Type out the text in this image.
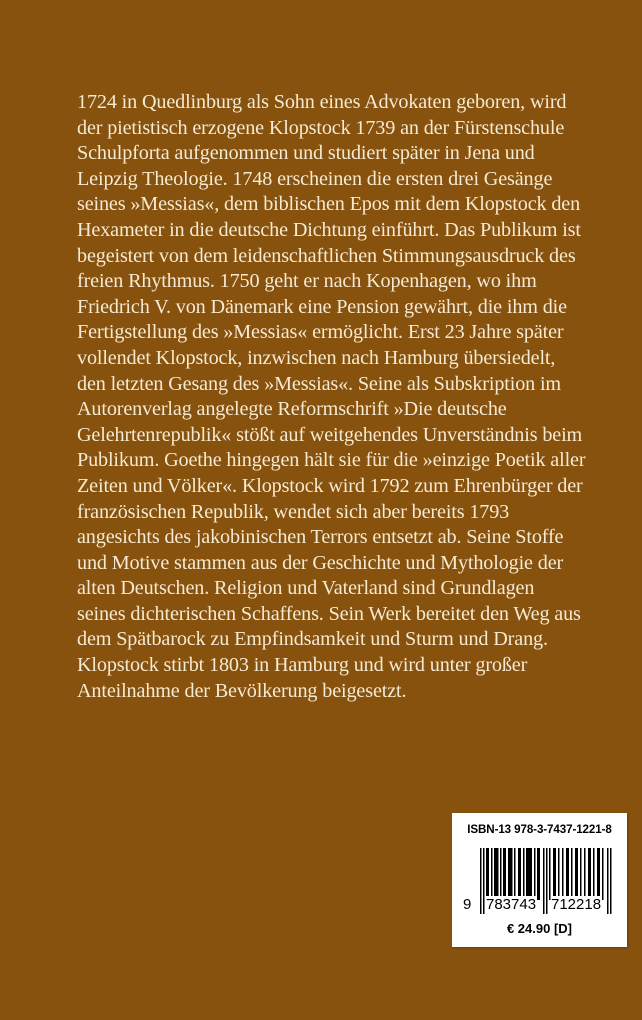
1724 in Quedlinburg als Sohn eines Advokaten geboren, wird
der pietistisch erzogene Klopstock 1739 an der Fürstenschule
Schulpforta aufgenommen und studiert später in Jena und
Leipzig Theologie. 1748 erscheinen die ersten drei Gesänge
seines »Messias«, dem biblischen Epos mit dem Klopstock den
Hexameter in die deutsche Dichtung einführt. Das Publikum ist
begeistert von dem leidenschaftlichen Stimmungsausdruck des
freien Rhythmus. 1750 geht er nach Kopenhagen, wo ihm
Friedrich V. von Dänemark eine Pension gewährt, die ihm die
Fertigstellung des »Messias« ermöglicht. Erst 23 Jahre später
vollendet Klopstock, inzwischen nach Hamburg übersiedelt,
den letzten Gesang des »Messias«. Seine als Subskription im
Autorenverlag angelegte Reformschrift »Die deutsche
Gelehrtenrepublik« stößt auf weitgehendes Unverständnis beim
Publikum. Goethe hingegen hält sie für die »einzige Poetik aller
Zeiten und Völker«. Klopstock wird 1792 zum Ehrenbürger der
französischen Republik, wendet sich aber bereits 1793
angesichts des jakobinischen Terrors entsetzt ab. Seine Stoffe
und Motive stammen aus der Geschichte und Mythologie der
alten Deutschen. Religion und Vaterland sind Grundlagen
seines dichterischen Schaffens. Sein Werk bereitet den Weg aus
dem Spätbarock zu Empfindsamkeit und Sturm und Drang.
Klopstock stirbt 1803 in Hamburg und wird unter großer
Anteilnahme der Bevölkerung beigesetzt.
ISBN-13 978-3-7437-1221-8
9 783743 712218
€ 24.90 [D]
